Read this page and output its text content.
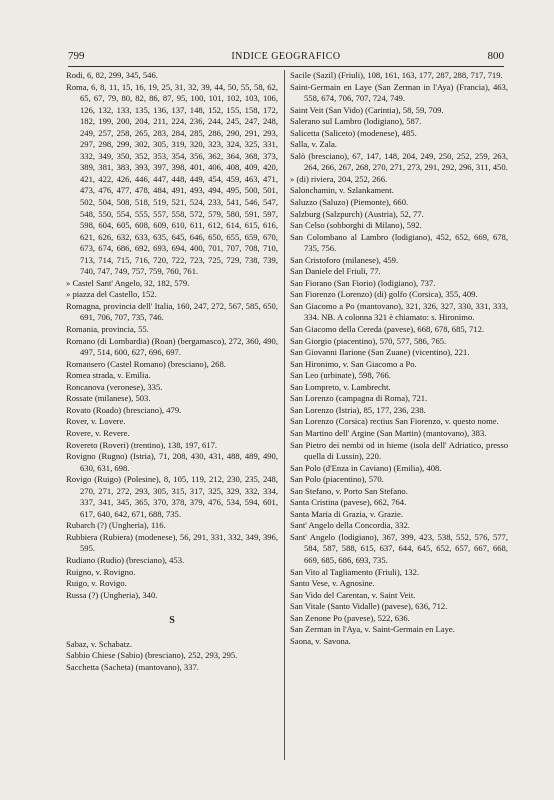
799	INDICE GEOGRAFICO	800

Rodi, 6, 82, 299, 345, 546.

Roma, 6, 8, 11, 15, 16, 19, 25, 31, 32, 39, 44, 50, 55, 58, 62, 65, 67, 79, 80, 82, 86, 87, 95, 100, 101, 102, 103, 106, 126, 132, 133, 135, 136, 137, 148, 152, 155, 158, 172, 182, 199, 200, 204, 211, 224, 236, 244, 245, 247, 248, 249, 257, 258, 265, 283, 284, 285, 286, 290, 291, 293, 297, 298, 299, 302, 305, 319, 320, 323, 324, 325, 331, 332, 349, 350, 352, 353, 354, 356, 362, 364, 368, 373, 389, 381, 383, 393, 397, 398, 401, 406, 408, 409, 420, 421, 422, 426, 446, 447, 448, 449, 454, 459, 463, 471, 473, 476, 477, 478, 484, 491, 493, 494, 495, 500, 501, 502, 504, 508, 518, 519, 521, 524, 233, 541, 546, 547, 548, 550, 554, 555, 557, 558, 572, 579, 580, 591, 597, 598, 604, 605, 608, 609, 610, 611, 612, 614, 615, 616, 621, 626, 632, 633, 635, 645, 646, 650, 655, 659, 670, 673, 674, 686, 692, 693, 694, 400, 701, 707, 708, 710, 713, 714, 715, 716, 720, 722, 723, 725, 729, 738, 739, 740, 747, 749, 757, 759, 760, 761.

» Castel Sant' Angelo, 32, 182, 579.

» piazza del Castello, 152.

Romagna, provincia dell' Italia, 160, 247, 272, 567, 585, 650, 691, 706, 707, 735, 746.

Romania, provincia, 55.

Romano (di Lombardia) (Roan) (bergamasco), 272, 360, 490, 497, 514, 600, 627, 696, 697.

Romansero (Castel Romano) (bresciano), 268.

Romea strada, v. Emilia.

Roncanova (veronese), 335.

Rossate (milanese), 503.

Rovato (Roado) (bresciano), 479.

Rover, v. Lovere.

Rovere, v. Revere.

Rovereto (Roveri) (trentino), 138, 197, 617.

Rovigno (Rugno) (Istria), 71, 208, 430, 431, 488, 489, 490, 630, 631, 698.

Rovigo (Ruigo) (Polesine), 8, 105, 119, 212, 230, 235, 248, 270, 271, 272, 293, 305, 315, 317, 325, 329, 332, 334, 337, 341, 345, 365, 370, 378, 379, 476, 534, 594, 601, 617, 640, 642, 671, 688, 735.

Rubarch (?) (Ungheria), 116.

Rubbiera (Rubiera) (modenese), 56, 291, 331, 332, 349, 396, 595.

Rudiano (Rudio) (bresciano), 453.

Ruigno, v. Rovigno.

Ruigo, v. Rovigo.

Russa (?) (Ungheria), 340.

S

Sabaz, v. Schabatz.

Sabbio Chiese (Sabio) (bresciano), 252, 293, 295.

Sacchetta (Sacheta) (mantovano), 337.

Sacile (Sazil) (Friuli), 108, 161, 163, 177, 287, 288, 717, 719.

Saint-Germain en Laye (San Zerman in l'Aya) (Francia), 463, 558, 674, 706, 707, 724, 749.

Saint Veit (San Vido) (Carintia), 58, 59, 709.

Salerano sul Lambro (lodigiano), 587.

Salicetta (Saliceto) (modenese), 485.

Salla, v. Zala.

Salò (bresciano), 67, 147, 148, 204, 249, 250, 252, 259, 263, 264, 266, 267, 268, 270, 271, 273, 291, 292, 296, 311, 450.

» (di) riviera, 204, 252, 266.

Salonchamin, v. Szlankament.

Saluzzo (Saluzo) (Piemonte), 660.

Salzburg (Salzpurch) (Austria), 52, 77.

San Celso (sobborghi di Milano), 592.

San Colombano al Lambro (lodigiano), 452, 652, 669, 678, 735, 756.

San Cristoforo (milanese), 459.

San Daniele del Friuli, 77.

San Fiorano (San Fiorio) (lodigiano), 737.

San Fiorenzo (Lorenzo) (di) golfo (Corsica), 355, 409.

San Giacomo a Po (mantovano), 321, 326, 327, 330, 331, 333, 334. NB. A colonna 321 è chiamato: s. Hironimo.

San Giacomo della Cereda (pavese), 668, 678, 685, 712.

San Giorgio (piacentino), 570, 577, 586, 765.

San Giovanni Ilarione (San Zuane) (vicentino), 221.

San Hironimo, v. San Giacomo a Po.

San Leo (urbinate), 598, 766.

San Lompreto, v. Lambrecht.

San Lorenzo (campagna di Roma), 721.

San Lorenzo (Istria), 85, 177, 236, 238.

San Lorenzo (Corsica) rectius San Fiorenzo, v. questo nome.

San Martino dell' Argine (San Martin) (mantovano), 383.

San Pietro dei nembi od in hieme (isola dell' Adriatico, presso quella di Lussin), 220.

San Polo (d'Enza in Caviano) (Emilia), 408.

San Polo (piacentino), 570.

San Stefano, v. Porto San Stefano.

Santa Cristina (pavese), 662, 764.

Santa Maria di Grazia, v. Grazie.

Sant' Angelo della Concordia, 332.

Sant' Angelo (lodigiano), 367, 399, 423, 538, 552, 576, 577, 584, 587, 588, 615, 637, 644, 645, 652, 657, 667, 668, 669, 685, 686, 693, 735.

San Vito al Tagliamento (Friuli), 132.

Santo Vese, v. Agnosine.

San Vido del Carentan, v. Saint Veit.

San Vitale (Santo Vidalle) (pavese), 636, 712.

San Zenone Po (pavese), 522, 636.

San Zerman in l'Aya, v. Saint-Germain en Laye.

Saona, v. Savona.
